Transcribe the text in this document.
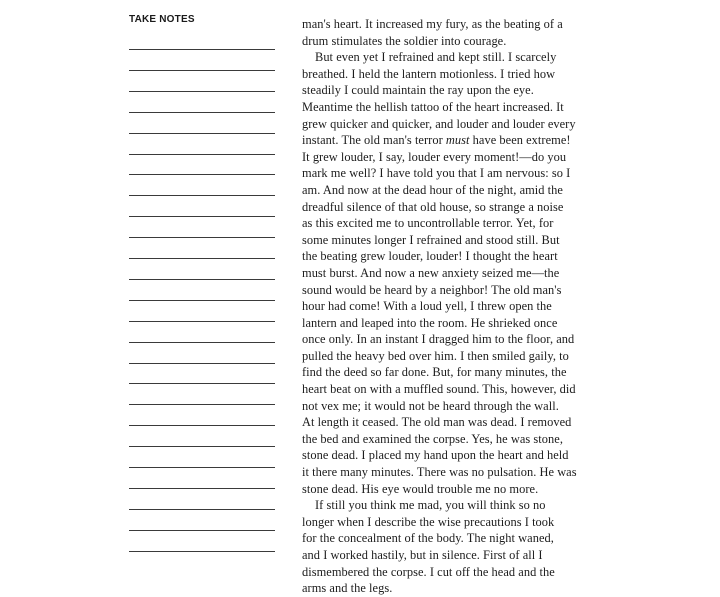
TAKE NOTES	man's heart. It increased my fury, as the beating of a
drum stimulates the soldier into courage.
But even yet I refrained and kept still. I scarcely
breathed. I held the lantern motionless. I tried how
steadily I could maintain the ray upon the eye.
Meantime the hellish tattoo of the heart increased. It
grew quicker and quicker, and louder and louder every
instant. The old man's terror must have been extreme!
It grew louder, I say, louder every moment!—do you
mark me well? I have told you that I am nervous: so I
am. And now at the dead hour of the night, amid the
dreadful silence of that old house, so strange a noise
as this excited me to uncontrollable terror. Yet, for
some minutes longer I refrained and stood still. But
the beating grew louder, louder! I thought the heart
must burst. And now a new anxiety seized me—the
sound would be heard by a neighbor! The old man's
hour had come! With a loud yell, I threw open the
lantern and leaped into the room. He shrieked once
once only. In an instant I dragged him to the floor, and
pulled the heavy bed over him. I then smiled gaily, to
find the deed so far done. But, for many minutes, the
heart beat on with a muffled sound. This, however, did
not vex me; it would not be heard through the wall.
At length it ceased. The old man was dead. I removed
the bed and examined the corpse. Yes, he was stone,
stone dead. I placed my hand upon the heart and held
it there many minutes. There was no pulsation. He was
stone dead. His eye would trouble me no more.
If still you think me mad, you will think so no
longer when I describe the wise precautions I took
for the concealment of the body. The night waned,
and I worked hastily, but in silence. First of all I
dismembered the corpse. I cut off the head and the
arms and the legs.
